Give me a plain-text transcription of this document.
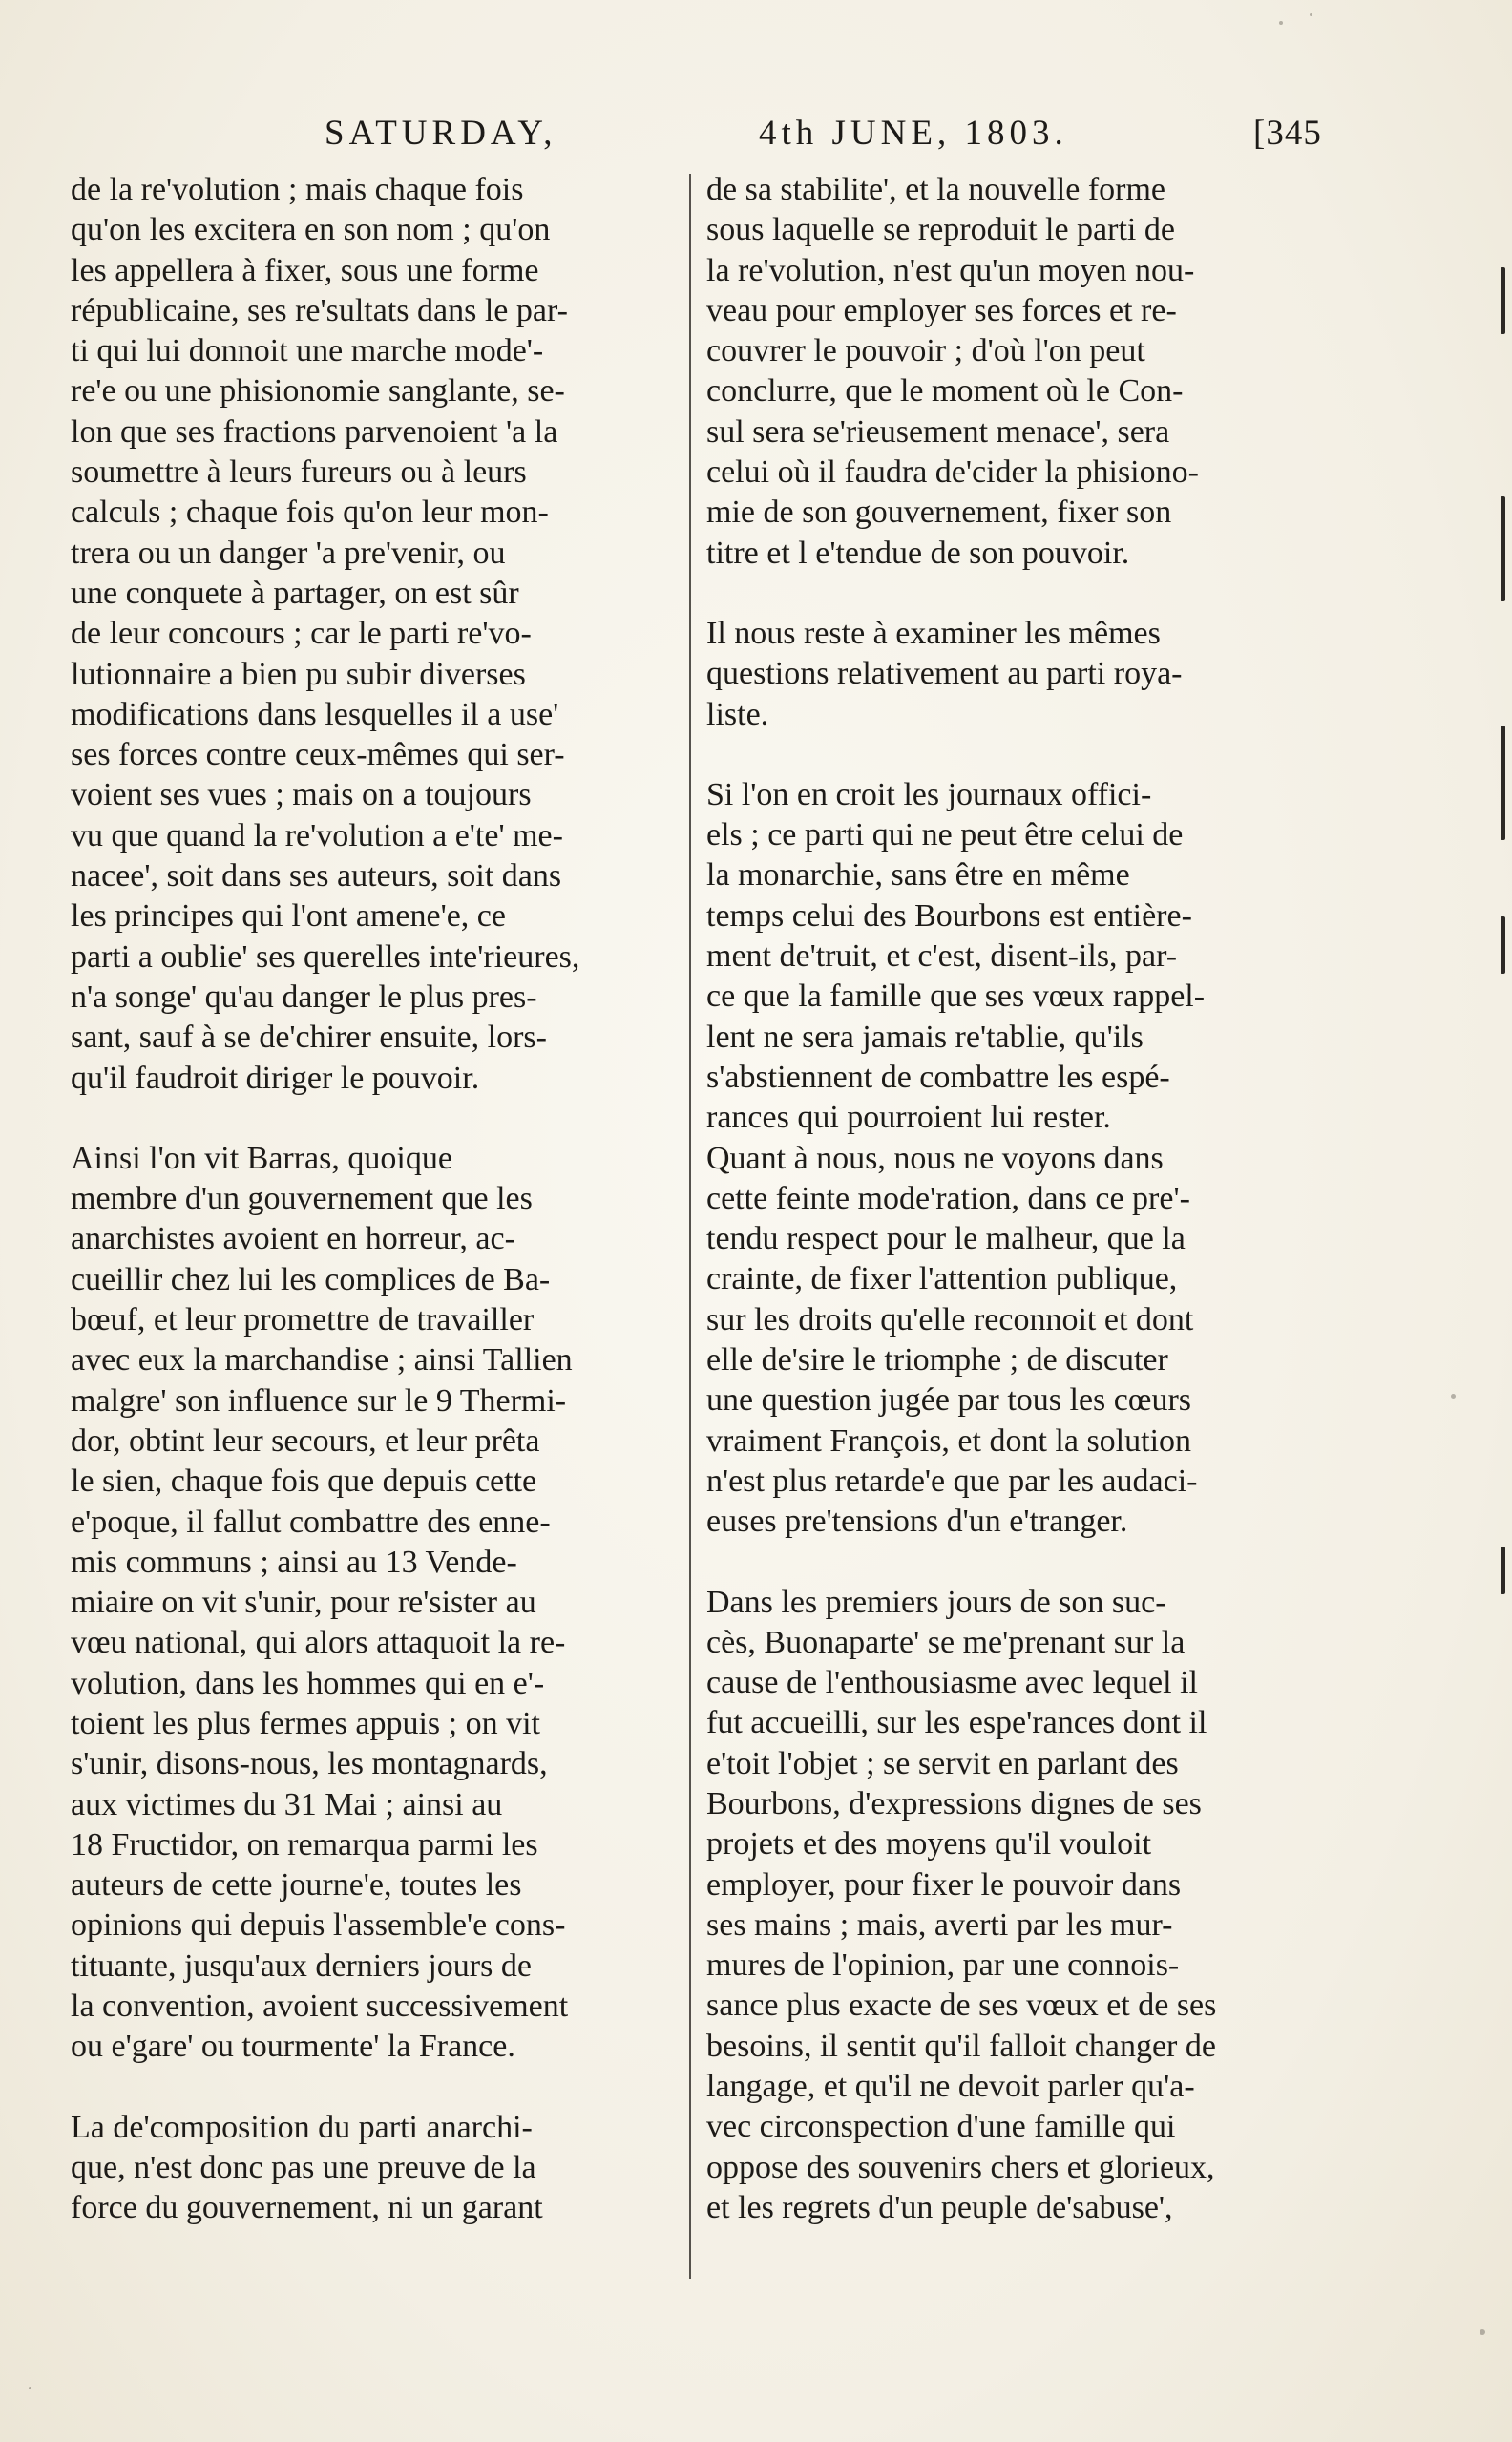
SATURDAY,	4th JUNE, 1803.	[345

de la re'volution ; mais chaque fois
qu'on les excitera en son nom ; qu'on
les appellera à fixer, sous une forme
républicaine, ses re'sultats dans le par-
ti qui lui donnoit une marche mode'-
re'e ou une phisionomie sanglante, se-
lon que ses fractions parvenoient 'a la
soumettre à leurs fureurs ou à leurs
calculs ; chaque fois qu'on leur mon-
trera ou un danger 'a pre'venir, ou
une conquete à partager, on est sûr
de leur concours ; car le parti re'vo-
lutionnaire a bien pu subir diverses
modifications dans lesquelles il a use'
ses forces contre ceux-mêmes qui ser-
voient ses vues ; mais on a toujours
vu que quand la re'volution a e'te' me-
nacee', soit dans ses auteurs, soit dans
les principes qui l'ont amene'e, ce
parti a oublie' ses querelles inte'rieures,
n'a songe' qu'au danger le plus pres-
sant, sauf à se de'chirer ensuite, lors-
qu'il faudroit diriger le pouvoir.

Ainsi l'on vit Barras, quoique
membre d'un gouvernement que les
anarchistes avoient en horreur, ac-
cueillir chez lui les complices de Ba-
bœuf, et leur promettre de travailler
avec eux la marchandise ; ainsi Tallien
malgre' son influence sur le 9 Thermi-
dor, obtint leur secours, et leur prêta
le sien, chaque fois que depuis cette
e'poque, il fallut combattre des enne-
mis communs ; ainsi au 13 Vende-
miaire on vit s'unir, pour re'sister au
vœu national, qui alors attaquoit la re-
volution, dans les hommes qui en e'-
toient les plus fermes appuis ; on vit
s'unir, disons-nous, les montagnards,
aux victimes du 31 Mai ; ainsi au
18 Fructidor, on remarqua parmi les
auteurs de cette journe'e, toutes les
opinions qui depuis l'assemble'e cons-
tituante, jusqu'aux derniers jours de
la convention, avoient successivement
ou e'gare' ou tourmente' la France.

La de'composition du parti anarchi-
que, n'est donc pas une preuve de la
force du gouvernement, ni un garant

de sa stabilite', et la nouvelle forme
sous laquelle se reproduit le parti de
la re'volution, n'est qu'un moyen nou-
veau pour employer ses forces et re-
couvrer le pouvoir ; d'où l'on peut
conclurre, que le moment où le Con-
sul sera se'rieusement menace', sera
celui où il faudra de'cider la phisiono-
mie de son gouvernement, fixer son
titre et l e'tendue de son pouvoir.

Il nous reste à examiner les mêmes
questions relativement au parti roya-
liste.

Si l'on en croit les journaux offici-
els ; ce parti qui ne peut être celui de
la monarchie, sans être en même
temps celui des Bourbons est entière-
ment de'truit, et c'est, disent-ils, par-
ce que la famille que ses vœux rappel-
lent ne sera jamais re'tablie, qu'ils
s'abstiennent de combattre les espé-
rances qui pourroient lui rester.
Quant à nous, nous ne voyons dans
cette feinte mode'ration, dans ce pre'-
tendu respect pour le malheur, que la
crainte, de fixer l'attention publique,
sur les droits qu'elle reconnoit et dont
elle de'sire le triomphe ; de discuter
une question jugée par tous les cœurs
vraiment François, et dont la solution
n'est plus retarde'e que par les audaci-
euses pre'tensions d'un e'tranger.

Dans les premiers jours de son suc-
cès, Buonaparte' se me'prenant sur la
cause de l'enthousiasme avec lequel il
fut accueilli, sur les espe'rances dont il
e'toit l'objet ; se servit en parlant des
Bourbons, d'expressions dignes de ses
projets et des moyens qu'il vouloit
employer, pour fixer le pouvoir dans
ses mains ; mais, averti par les mur-
mures de l'opinion, par une connois-
sance plus exacte de ses vœux et de ses
besoins, il sentit qu'il falloit changer de
langage, et qu'il ne devoit parler qu'a-
vec circonspection d'une famille qui
oppose des souvenirs chers et glorieux,
et les regrets d'un peuple de'sabuse',
